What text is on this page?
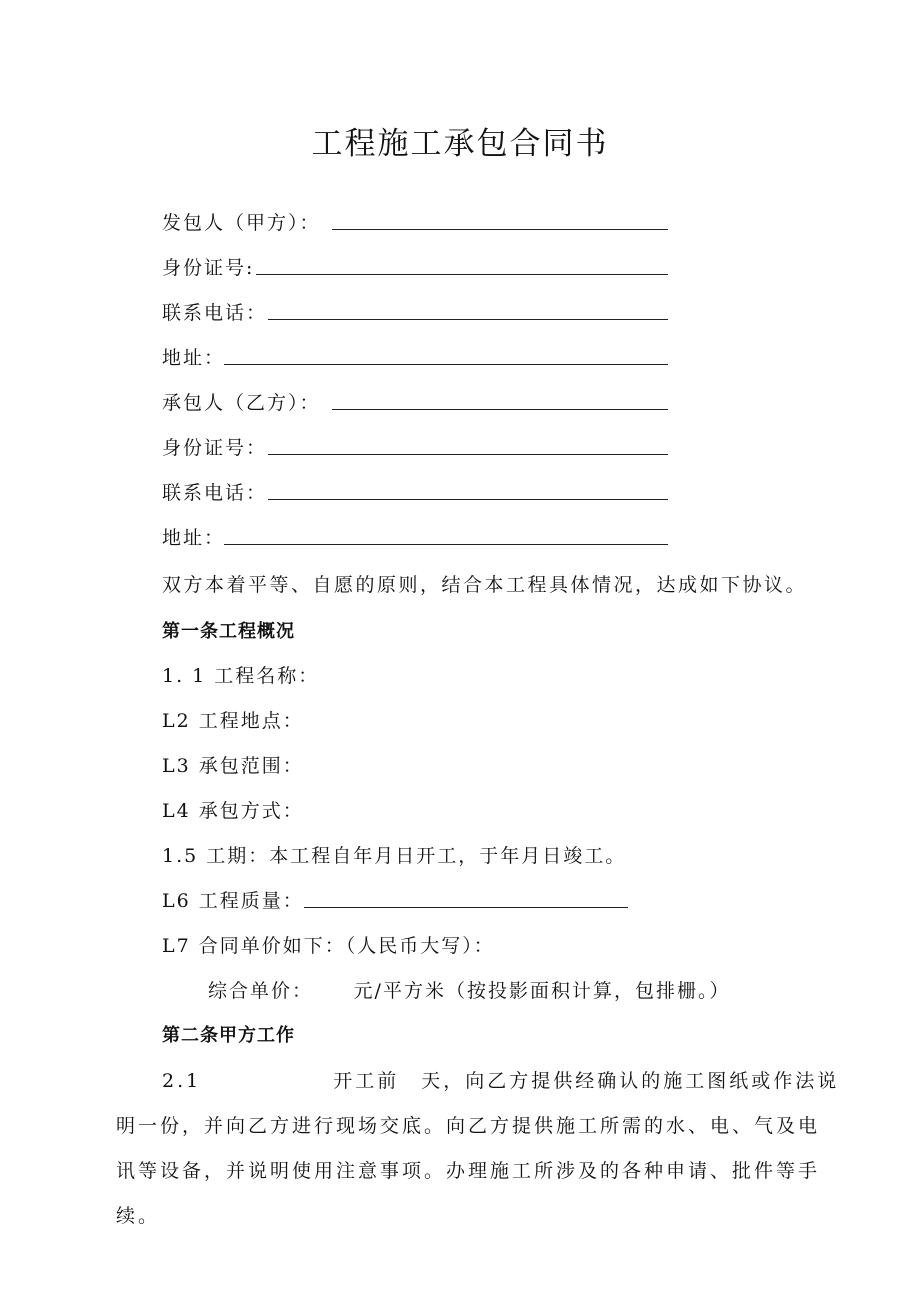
工程施工承包合同书
发包人（甲方）：
身份证号:
联系电话：
地址：
承包人（乙方）：
身份证号：
联系电话：
地址：
双方本着平等、自愿的原则，结合本工程具体情况，达成如下协议。
第一条工程概况
1. 1 工程名称：
L2 工程地点：
L3 承包范围：
L4 承包方式：
1.5 工期：本工程自年月日开工，于年月日竣工。
L6 工程质量：
L7 合同单价如下：（人民币大写）：
综合单价：　　 元/平方米（按投影面积计算，包排栅。）
第二条甲方工作
2.1　　　　　　开工前　天，向乙方提供经确认的施工图纸或作法说
明一份，并向乙方进行现场交底。向乙方提供施工所需的水、电、气及电
讯等设备，并说明使用注意事项。办理施工所涉及的各种申请、批件等手
续。
